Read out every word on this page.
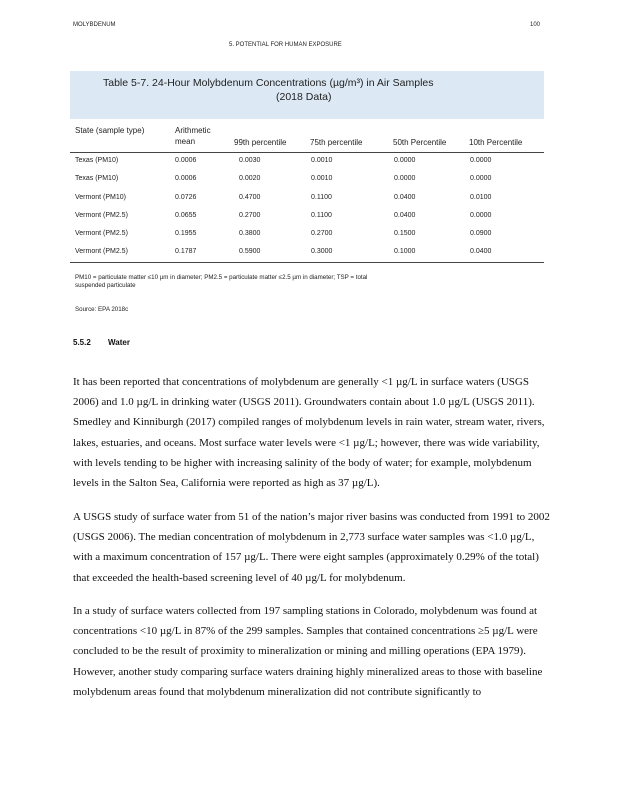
MOLYBDENUM	100
5. POTENTIAL FOR HUMAN EXPOSURE
Table 5-7. 24-Hour Molybdenum Concentrations (µg/m³) in Air Samples
(2018 Data)
State (sample type)	Arithmetic mean	99th percentile	75th percentile	50th Percentile	10th Percentile
Texas (PM10)	0.0006	0.0030	0.0010	0.0000	0.0000
Texas (PM10)	0.0006	0.0020	0.0010	0.0000	0.0000
Vermont (PM10)	0.0726	0.4700	0.1100	0.0400	0.0100
Vermont (PM2.5)	0.0655	0.2700	0.1100	0.0400	0.0000
Vermont (PM2.5)	0.1955	0.3800	0.2700	0.1500	0.0900
Vermont (PM2.5)	0.1787	0.5900	0.3000	0.1000	0.0400
PM10 = particulate matter ≤10 µm in diameter; PM2.5 = particulate matter ≤2.5 µm in diameter; TSP = total
suspended particulate
Source: EPA 2018c
5.5.2 Water

It has been reported that concentrations of molybdenum are generally <1 µg/L in surface waters (USGS 2006) and 1.0 µg/L in drinking water (USGS 2011). Groundwaters contain about 1.0 µg/L (USGS 2011). Smedley and Kinniburgh (2017) compiled ranges of molybdenum levels in rain water, stream water, rivers, lakes, estuaries, and oceans. Most surface water levels were <1 µg/L; however, there was wide variability, with levels tending to be higher with increasing salinity of the body of water; for example, molybdenum levels in the Salton Sea, California were reported as high as 37 µg/L).

A USGS study of surface water from 51 of the nation’s major river basins was conducted from 1991 to 2002 (USGS 2006). The median concentration of molybdenum in 2,773 surface water samples was <1.0 µg/L, with a maximum concentration of 157 µg/L. There were eight samples (approximately 0.29% of the total) that exceeded the health-based screening level of 40 µg/L for molybdenum.

In a study of surface waters collected from 197 sampling stations in Colorado, molybdenum was found at concentrations <10 µg/L in 87% of the 299 samples. Samples that contained concentrations ≥5 µg/L were concluded to be the result of proximity to mineralization or mining and milling operations (EPA 1979). However, another study comparing surface waters draining highly mineralized areas to those with baseline molybdenum areas found that molybdenum mineralization did not contribute significantly to
